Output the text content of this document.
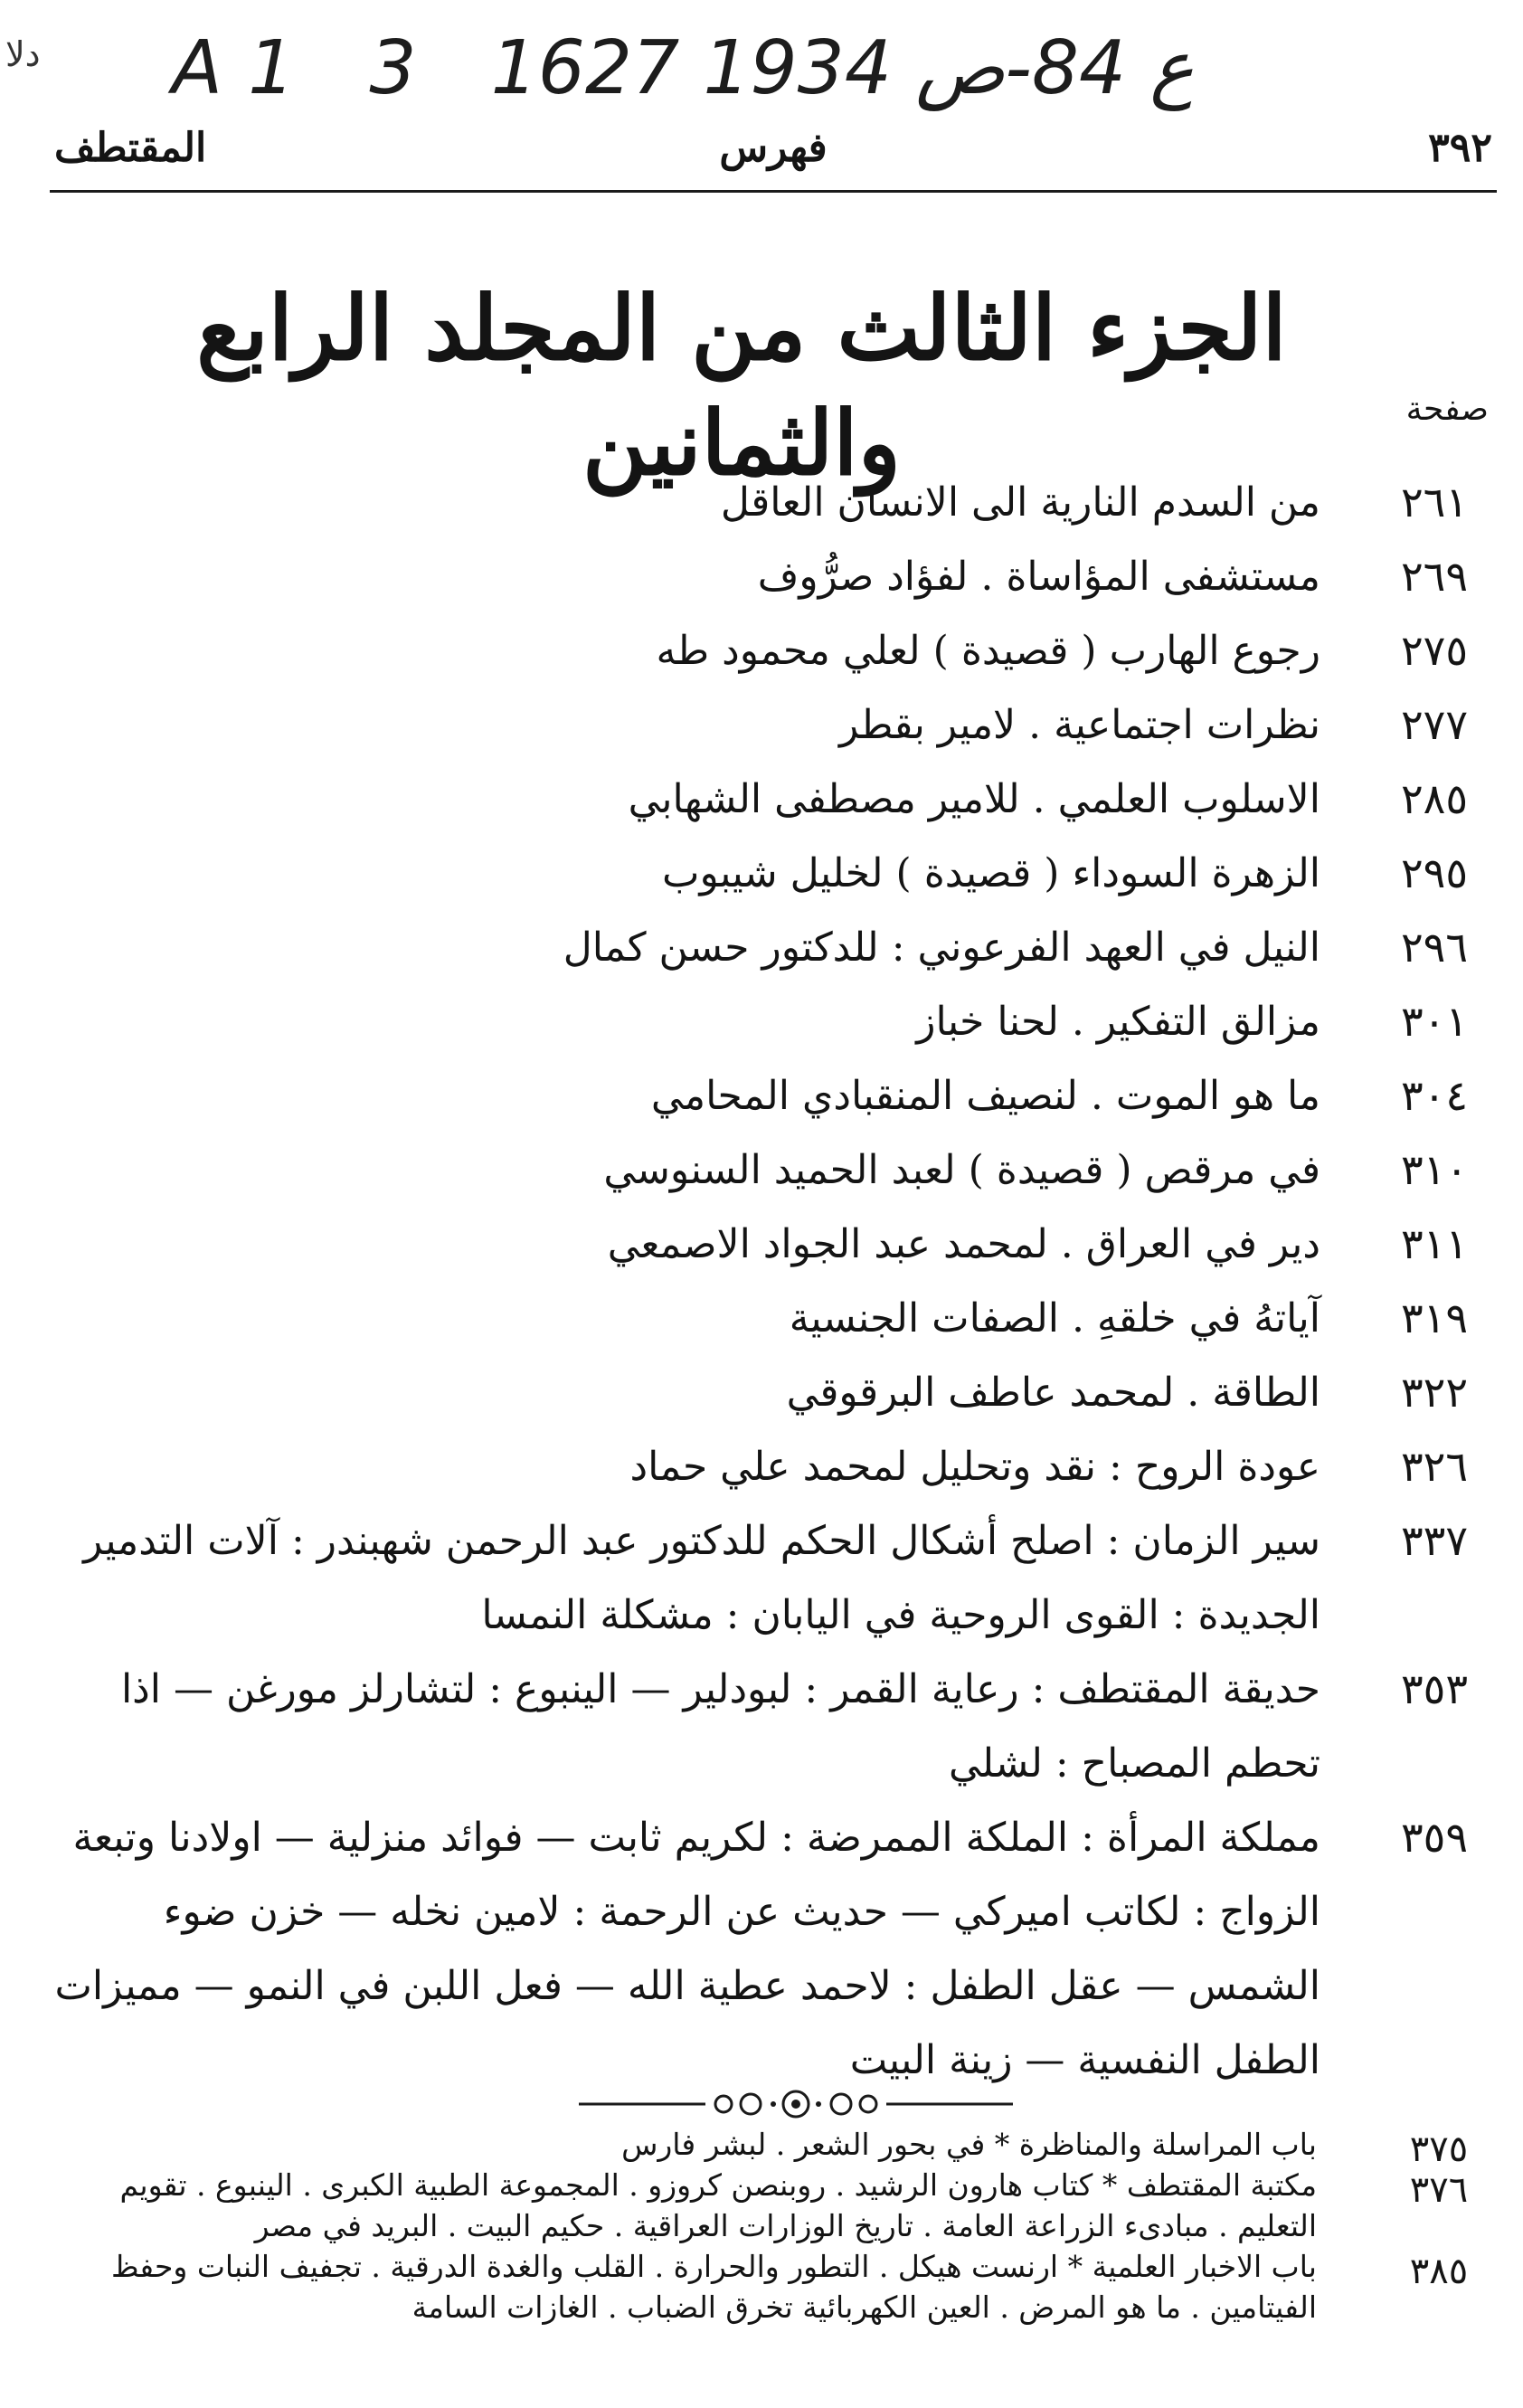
دلا A1 3 ع 84-ص 1934 1627
٣٩٢
فهرس
المقتطف
الجزء الثالث من المجلد الرابع والثمانين	صفحة
٢٦١
من السدم النارية الى الانسان العاقل
٢٦٩
مستشفى المؤاساة . لفؤاد صرُّوف
٢٧٥
رجوع الهارب ( قصيدة ) لعلي محمود طه
٢٧٧
نظرات اجتماعية . لامير بقطر
٢٨٥
الاسلوب العلمي . للامير مصطفى الشهابي
٢٩٥
الزهرة السوداء ( قصيدة ) لخليل شيبوب
٢٩٦
النيل في العهد الفرعوني : للدكتور حسن كمال
٣٠١
مزالق التفكير . لحنا خباز
٣٠٤
ما هو الموت . لنصيف المنقبادي المحامي
٣١٠
في مرقص ( قصيدة ) لعبد الحميد السنوسي
٣١١
دير في العراق . لمحمد عبد الجواد الاصمعي
٣١٩
آياتهُ في خلقهِ . الصفات الجنسية
٣٢٢
الطاقة . لمحمد عاطف البرقوقي
٣٢٦
عودة الروح : نقد وتحليل لمحمد علي حماد
٣٣٧
سير الزمان : اصلح أشكال الحكم للدكتور عبد الرحمن شهبندر : آلات التدمير الجديدة : القوى الروحية في اليابان : مشكلة النمسا
٣٥٣
حديقة المقتطف : رعاية القمر : لبودلير — الينبوع : لتشارلز مورغن — اذا تحطم المصباح : لشلي
٣٥٩
مملكة المرأة : الملكة الممرضة : لكريم ثابت — فوائد منزلية — اولادنا وتبعة الزواج : لكاتب اميركي — حديث عن الرحمة : لامين نخله — خزن ضوء الشمس — عقل الطفل : لاحمد عطية الله — فعل اللبن في النمو — مميزات الطفل النفسية — زينة البيت
٣٧٥
باب المراسلة والمناظرة * في بحور الشعر . لبشر فارس
٣٧٦
مكتبة المقتطف * كتاب هارون الرشيد . روبنصن كروزو . المجموعة الطبية الكبرى . الينبوع . تقويم التعليم . مبادىء الزراعة العامة . تاريخ الوزارات العراقية . حكيم البيت . البريد في مصر
٣٨٥
باب الاخبار العلمية * ارنست هيكل . التطور والحرارة . القلب والغدة الدرقية . تجفيف النبات وحفظ الفيتامين . ما هو المرض . العين الكهربائية تخرق الضباب . الغازات السامة
